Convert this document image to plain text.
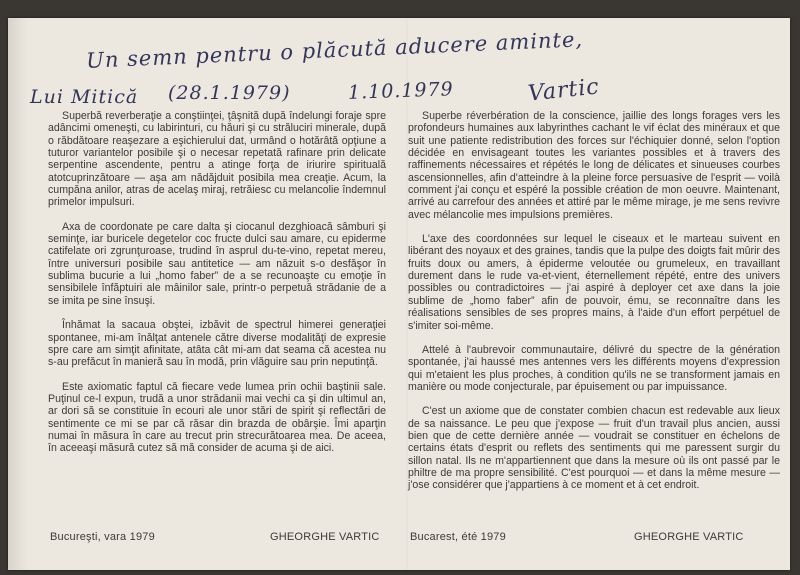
Un semn pentru o plăcută aducere aminte,
Lui Mitică (28.1.1979)	1.10.1979	Vartic

Superbă reverberaţie a conştiinţei, ţâşnită după îndelungi foraje spre adâncimi omeneşti, cu labirinturi, cu hăuri şi cu străluciri minerale, după o răbdătoare reaşezare a eşichierului dat, urmând o hotărâtă opţiune a tuturor variantelor posibile şi o necesar repetată rafinare prin delicate serpentine ascendente, pentru a atinge forţa de iriurire spirituală atotcuprinzătoare — aşa am nădăjduit posibila mea creaţie. Acum, la cumpăna anilor, atras de acelaş miraj, retrăiesc cu melancolie îndemnul primelor impulsuri.

Axa de coordonate pe care dalta şi ciocanul dezghioacă sâmburi şi seminţe, iar buricele degetelor coc fructe dulci sau amare, cu epiderme catifelate ori zgrunţuroase, trudind în asprul du-te-vino, repetat mereu, între universuri posibile sau antitetice — am năzuit s-o desfăşor în sublima bucurie a lui „homo faber” de a se recunoaşte cu emoţie în sensibilele înfăptuiri ale mâinilor sale, printr-o perpetuă strădanie de a se imita pe sine însuşi.

Înhămat la sacaua obştei, izbăvit de spectrul himerei generaţiei spontanee, mi-am înălţat antenele către diverse modalităţi de expresie spre care am simţit afinitate, atâta cât mi-am dat seama că acestea nu s-au prefăcut în manieră sau în modă, prin vlăguire sau prin neputinţă.

Este axiomatic faptul că fiecare vede lumea prin ochii baştinii sale. Puţinul ce-l expun, trudă a unor strădanii mai vechi ca şi din ultimul an, ar dori să se constituie în ecouri ale unor stări de spirit şi reflectări de sentimente ce mi se par că răsar din brazda de obârşie. Îmi aparţin numai în măsura în care au trecut prin strecurătoarea mea. De aceea, în aceeaşi măsură cutez să mă consider de acuma şi de aici.

Bucureşti, vara 1979	GHEORGHE VARTIC

Superbe réverbération de la conscience, jaillie des longs forages vers les profondeurs humaines aux labyrinthes cachant le vif éclat des minéraux et que suit une patiente redistribution des forces sur l'échiquier donné, selon l'option décidée en envisageant toutes les variantes possibles et à travers des raffinements nécessaires et répétés le long de délicates et sinueuses courbes ascensionnelles, afin d'atteindre à la pleine force persuasive de l'esprit — voilà comment j'ai conçu et espéré la possible création de mon oeuvre. Maintenant, arrivé au carrefour des années et attiré par le même mirage, je me sens revivre avec mélancolie mes impulsions premières.

L'axe des coordonnées sur lequel le ciseaux et le marteau suivent en libérant des noyaux et des graines, tandis que la pulpe des doigts fait mûrir des fruits doux ou amers, à épiderme veloutée ou grumeleux, en travaillant durement dans le rude va-et-vient, éternellement répété, entre des univers possibles ou contradictoires — j'ai aspiré à deployer cet axe dans la joie sublime de „homo faber” afin de pouvoir, ému, se reconnaître dans les réalisations sensibles de ses propres mains, à l'aide d'un effort perpétuel de s'imiter soi-même.

Attelé à l'aubrevoir communautaire, délivré du spectre de la génération spontanée, j'ai haussé mes antennes vers les différents moyens d'expression qui m'etaient les plus proches, à condition qu'ils ne se transforment jamais en manière ou mode conjecturale, par épuisement ou par impuissance.

C'est un axiome que de constater combien chacun est redevable aux lieux de sa naissance. Le peu que j'expose — fruit d'un travail plus ancien, aussi bien que de cette dernière année — voudrait se constituer en échelons de certains états d'esprit ou reflets des sentiments qui me paressent surgir du sillon natal. Ils ne m'appartiennent que dans la mesure où ils ont passé par le philtre de ma propre sensibilité. C'est pourquoi — et dans la même mesure — j'ose considérer que j'appartiens à ce moment et à cet endroit.

Bucarest, été 1979	GHEORGHE VARTIC
